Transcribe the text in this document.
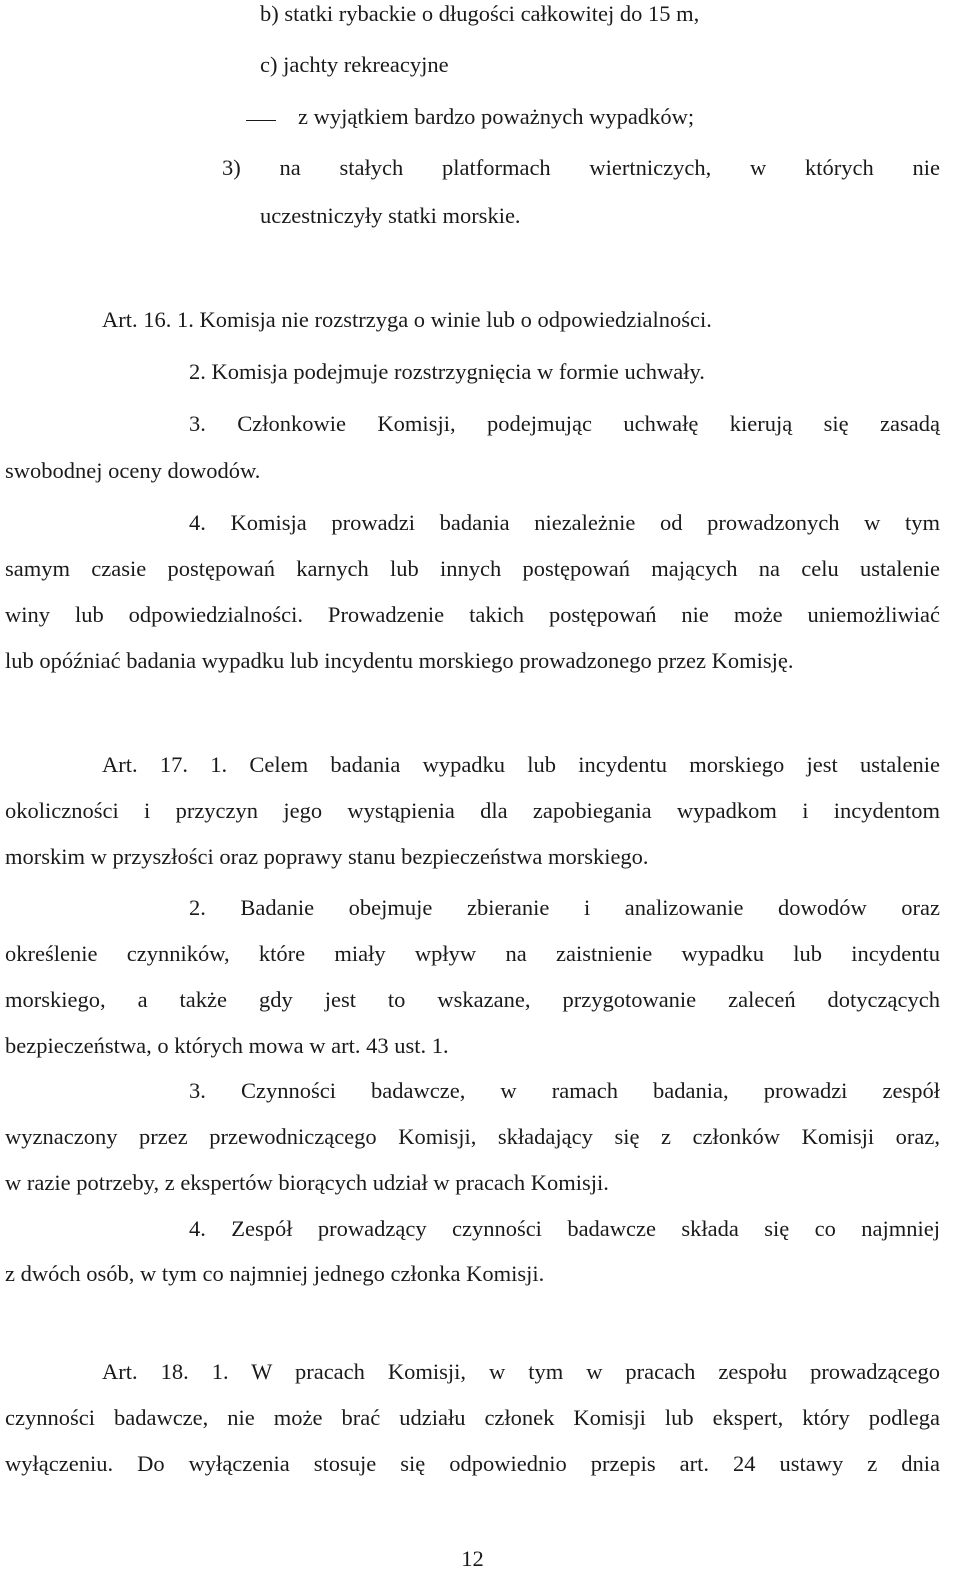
b) statki rybackie o długości całkowitej do 15 m,
c) jachty rekreacyjne
z wyjątkiem bardzo poważnych wypadków;
3) na stałych platformach wiertniczych, w których nie
uczestniczyły statki morskie.
Art. 16. 1. Komisja nie rozstrzyga o winie lub o odpowiedzialności.
2. Komisja podejmuje rozstrzygnięcia w formie uchwały.
3. Członkowie Komisji, podejmując uchwałę kierują się zasadą
swobodnej oceny dowodów.
4. Komisja prowadzi badania niezależnie od prowadzonych w tym
samym czasie postępowań karnych lub innych postępowań mających na celu ustalenie
winy lub odpowiedzialności. Prowadzenie takich postępowań nie może uniemożliwiać
lub opóźniać badania wypadku lub incydentu morskiego prowadzonego przez Komisję.
Art. 17. 1. Celem badania wypadku lub incydentu morskiego jest ustalenie
okoliczności i przyczyn jego wystąpienia dla zapobiegania wypadkom i incydentom
morskim w przyszłości oraz poprawy stanu bezpieczeństwa morskiego.
2. Badanie obejmuje zbieranie i analizowanie dowodów oraz
określenie czynników, które miały wpływ na zaistnienie wypadku lub incydentu
morskiego, a także gdy jest to wskazane, przygotowanie zaleceń dotyczących
bezpieczeństwa, o których mowa w art. 43 ust. 1.
3. Czynności badawcze, w ramach badania, prowadzi zespół
wyznaczony przez przewodniczącego Komisji, składający się z członków Komisji oraz,
w razie potrzeby, z ekspertów biorących udział w pracach Komisji.
4. Zespół prowadzący czynności badawcze składa się co najmniej
z dwóch osób, w tym co najmniej jednego członka Komisji.
Art. 18. 1. W pracach Komisji, w tym w pracach zespołu prowadzącego
czynności badawcze, nie może brać udziału członek Komisji lub ekspert, który podlega
wyłączeniu. Do wyłączenia stosuje się odpowiednio przepis art. 24 ustawy z dnia
12
